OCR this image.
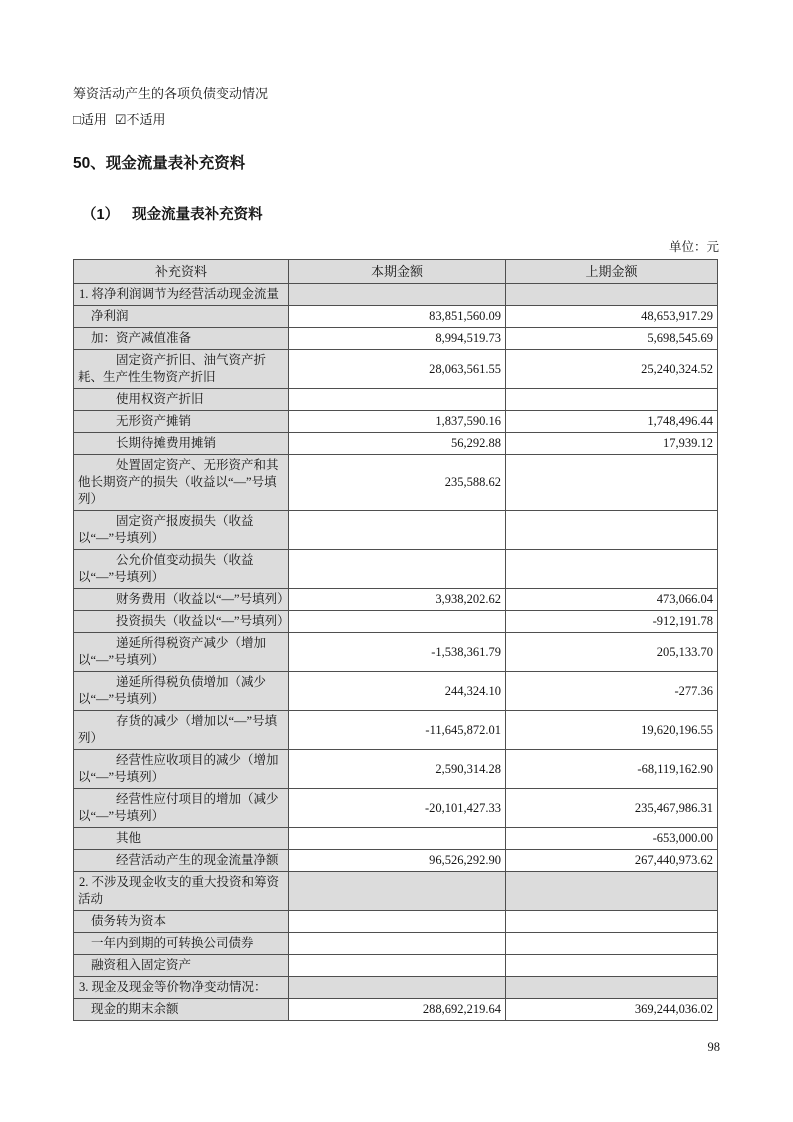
筹资活动产生的各项负债变动情况
□适用 ☑不适用
50、现金流量表补充资料
（1） 现金流量表补充资料
单位：元
补充资料	本期金额	上期金额
1. 将净利润调节为经营活动现金流量		
净利润	83,851,560.09	48,653,917.29
加：资产减值准备	8,994,519.73	5,698,545.69
固定资产折旧、油气资产折耗、生产性生物资产折旧	28,063,561.55	25,240,324.52
使用权资产折旧		
无形资产摊销	1,837,590.16	1,748,496.44
长期待摊费用摊销	56,292.88	17,939.12
处置固定资产、无形资产和其他长期资产的损失（收益以“—”号填列）	235,588.62	
固定资产报废损失（收益以“—”号填列）		
公允价值变动损失（收益以“—”号填列）		
财务费用（收益以“—”号填列）	3,938,202.62	473,066.04
投资损失（收益以“—”号填列）		-912,191.78
递延所得税资产减少（增加以“—”号填列）	-1,538,361.79	205,133.70
递延所得税负债增加（减少以“—”号填列）	244,324.10	-277.36
存货的减少（增加以“—”号填列）	-11,645,872.01	19,620,196.55
经营性应收项目的减少（增加以“—”号填列）	2,590,314.28	-68,119,162.90
经营性应付项目的增加（减少以“—”号填列）	-20,101,427.33	235,467,986.31
其他		-653,000.00
经营活动产生的现金流量净额	96,526,292.90	267,440,973.62
2. 不涉及现金收支的重大投资和筹资活动		
债务转为资本		
一年内到期的可转换公司债券		
融资租入固定资产		
3. 现金及现金等价物净变动情况：		
现金的期末余额	288,692,219.64	369,244,036.02
98
